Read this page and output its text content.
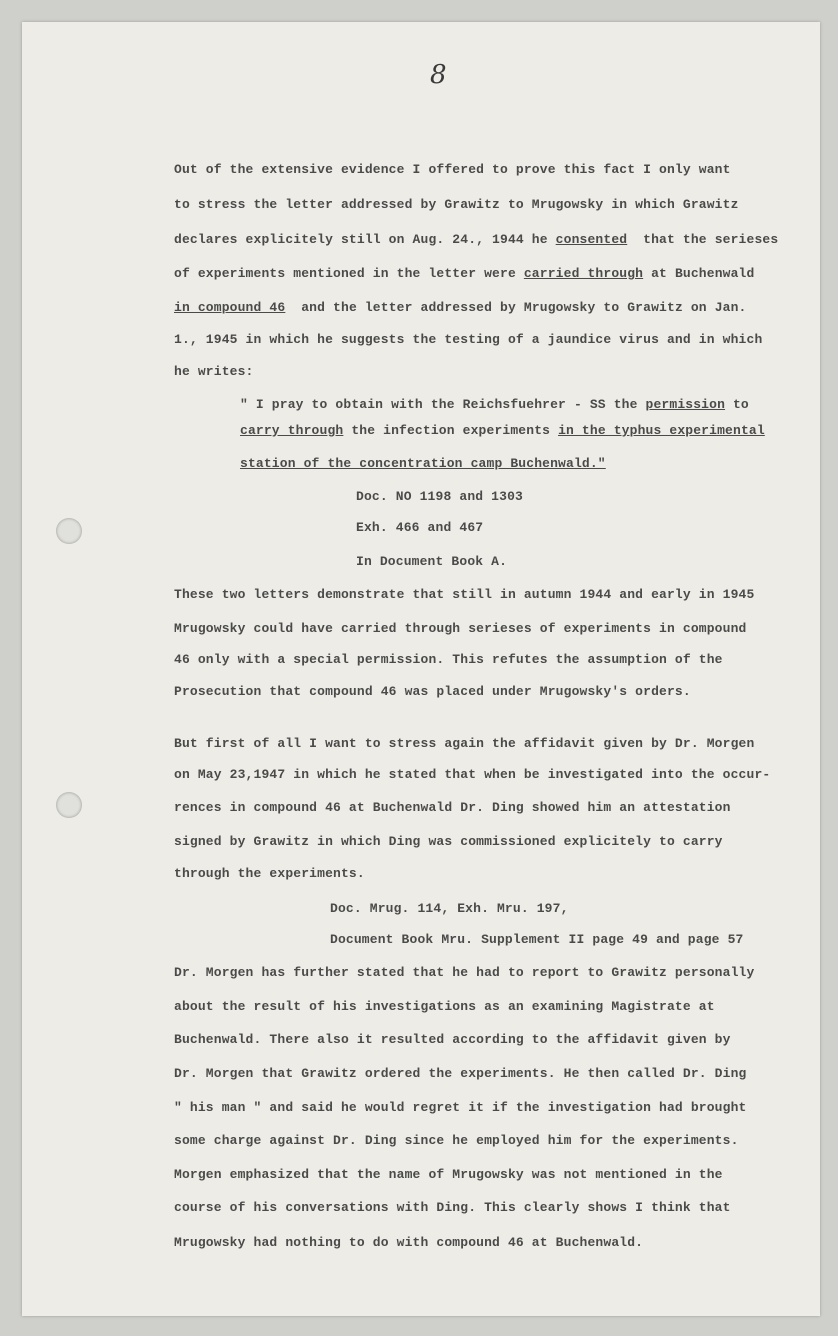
8
Out of the extensive evidence I offered to prove this fact I only want
to stress the letter addressed by Grawitz to Mrugowsky in which Grawitz
declares explicitely still on Aug. 24., 1944 he consented  that the serieses
of experiments mentioned in the letter were carried through at Buchenwald
in compound 46  and the letter addressed by Mrugowsky to Grawitz on Jan.
1., 1945 in which he suggests the testing of a jaundice virus and in which
he writes:
" I pray to obtain with the Reichsfuehrer - SS the permission to
carry through the infection experiments in the typhus experimental
station of the concentration camp Buchenwald."
Doc. NO 1198 and 1303
Exh. 466 and 467
In Document Book A.
These two letters demonstrate that still in autumn 1944 and early in 1945
Mrugowsky could have carried through serieses of experiments in compound
46 only with a special permission. This refutes the assumption of the
Prosecution that compound 46 was placed under Mrugowsky's orders.
But first of all I want to stress again the affidavit given by Dr. Morgen
on May 23,1947 in which he stated that when be investigated into the occur-
rences in compound 46 at Buchenwald Dr. Ding showed him an attestation
signed by Grawitz in which Ding was commissioned explicitely to carry
through the experiments.
Doc. Mrug. 114, Exh. Mru. 197,
Document Book Mru. Supplement II page 49 and page 57
Dr. Morgen has further stated that he had to report to Grawitz personally
about the result of his investigations as an examining Magistrate at
Buchenwald. There also it resulted according to the affidavit given by
Dr. Morgen that Grawitz ordered the experiments. He then called Dr. Ding
" his man " and said he would regret it if the investigation had brought
some charge against Dr. Ding since he employed him for the experiments.
Morgen emphasized that the name of Mrugowsky was not mentioned in the
course of his conversations with Ding. This clearly shows I think that
Mrugowsky had nothing to do with compound 46 at Buchenwald.
